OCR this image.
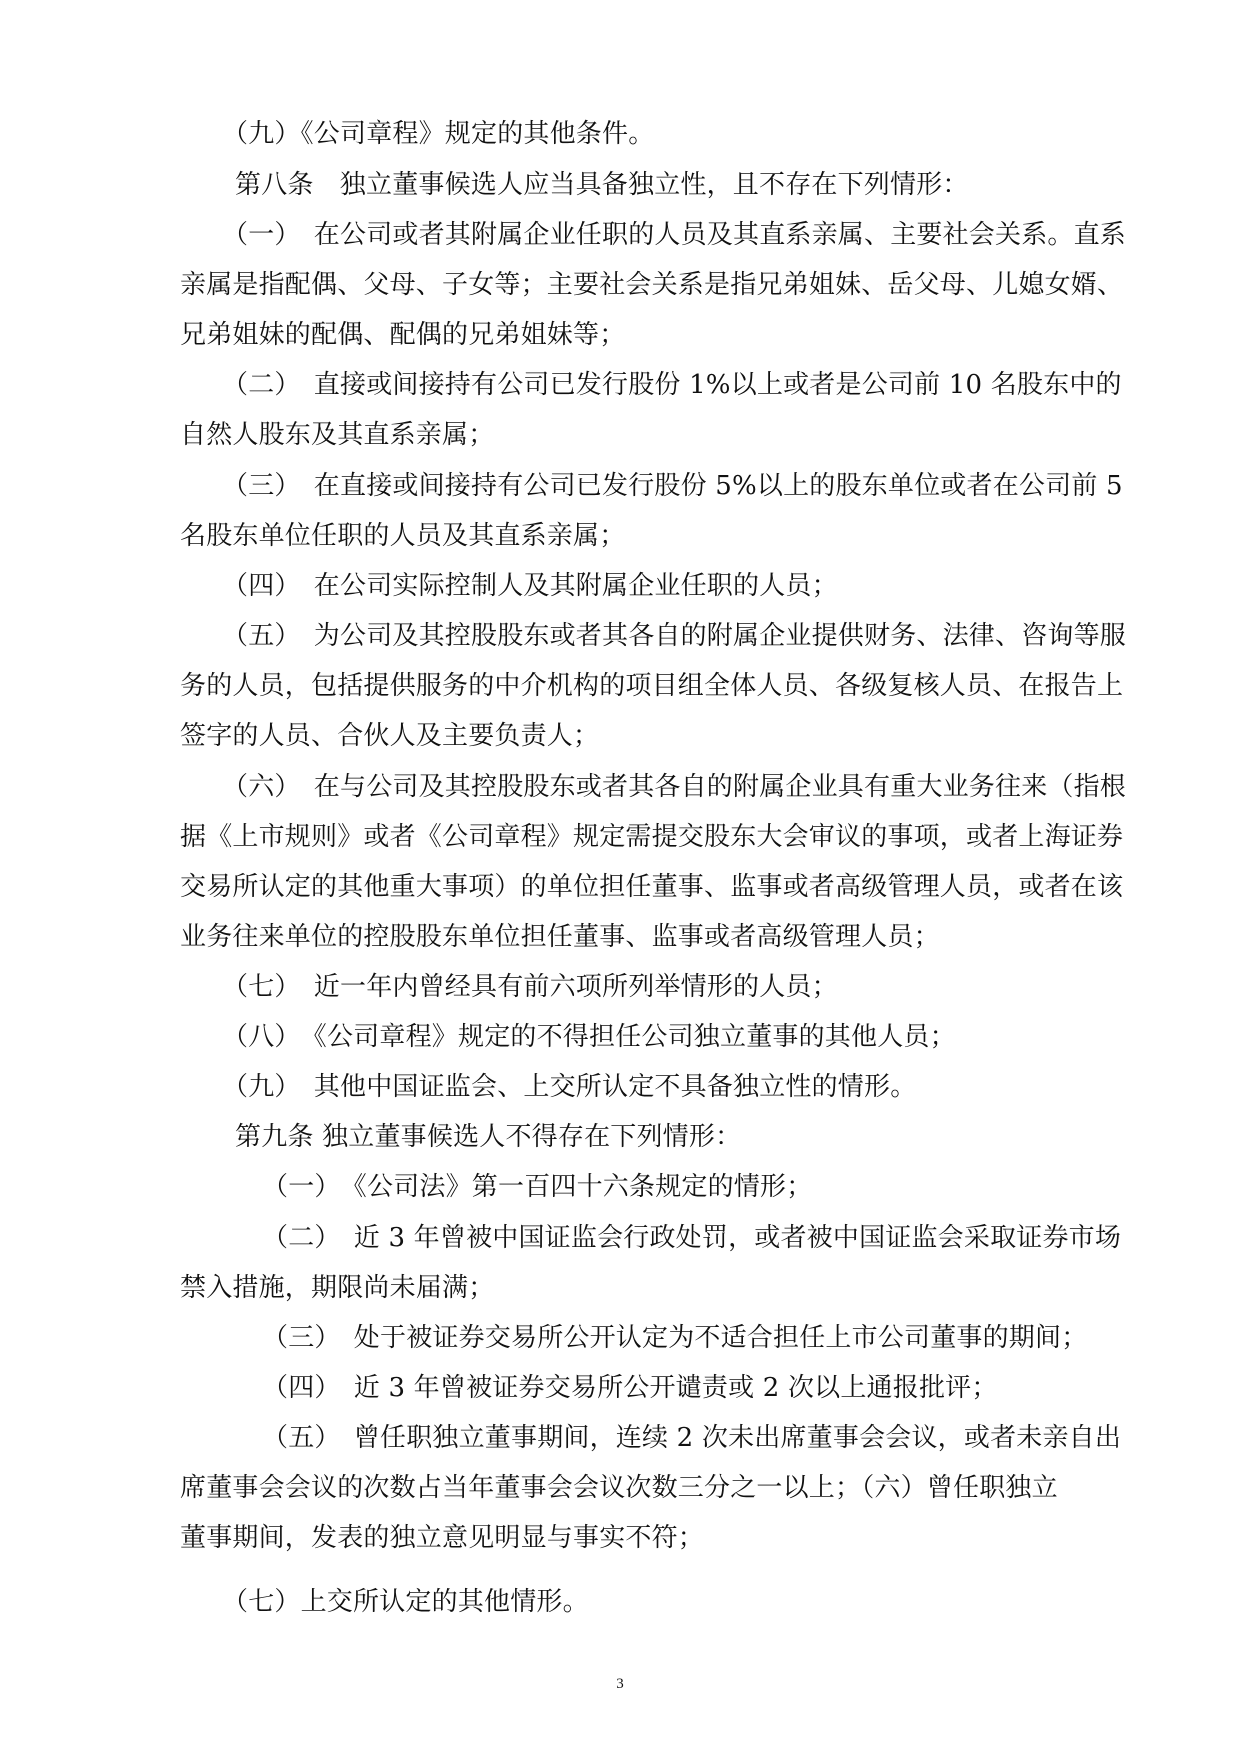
（九）《公司章程》规定的其他条件。
第八条　独立董事候选人应当具备独立性，且不存在下列情形：
（一）　在公司或者其附属企业任职的人员及其直系亲属、主要社会关系。直系
亲属是指配偶、父母、子女等；主要社会关系是指兄弟姐妹、岳父母、儿媳女婿、
兄弟姐妹的配偶、配偶的兄弟姐妹等；
（二）　直接或间接持有公司已发行股份 1%以上或者是公司前 10 名股东中的
自然人股东及其直系亲属；
（三）　在直接或间接持有公司已发行股份 5%以上的股东单位或者在公司前 5
名股东单位任职的人员及其直系亲属；
（四）　在公司实际控制人及其附属企业任职的人员；
（五）　为公司及其控股股东或者其各自的附属企业提供财务、法律、咨询等服
务的人员，包括提供服务的中介机构的项目组全体人员、各级复核人员、在报告上
签字的人员、合伙人及主要负责人；
（六）　在与公司及其控股股东或者其各自的附属企业具有重大业务往来（指根
据《上市规则》或者《公司章程》规定需提交股东大会审议的事项，或者上海证券
交易所认定的其他重大事项）的单位担任董事、监事或者高级管理人员，或者在该
业务往来单位的控股股东单位担任董事、监事或者高级管理人员；
（七）　近一年内曾经具有前六项所列举情形的人员；
（八）　《公司章程》规定的不得担任公司独立董事的其他人员；
（九）　其他中国证监会、上交所认定不具备独立性的情形。
第九条 独立董事候选人不得存在下列情形：
（一）　《公司法》第一百四十六条规定的情形；
（二）　近 3 年曾被中国证监会行政处罚，或者被中国证监会采取证券市场
禁入措施，期限尚未届满；
（三）　处于被证券交易所公开认定为不适合担任上市公司董事的期间；
（四）　近 3 年曾被证券交易所公开谴责或 2 次以上通报批评；
（五）　曾任职独立董事期间，连续 2 次未出席董事会会议，或者未亲自出
席董事会会议的次数占当年董事会会议次数三分之一以上；（六）曾任职独立
董事期间，发表的独立意见明显与事实不符；
（七）上交所认定的其他情形。
3
